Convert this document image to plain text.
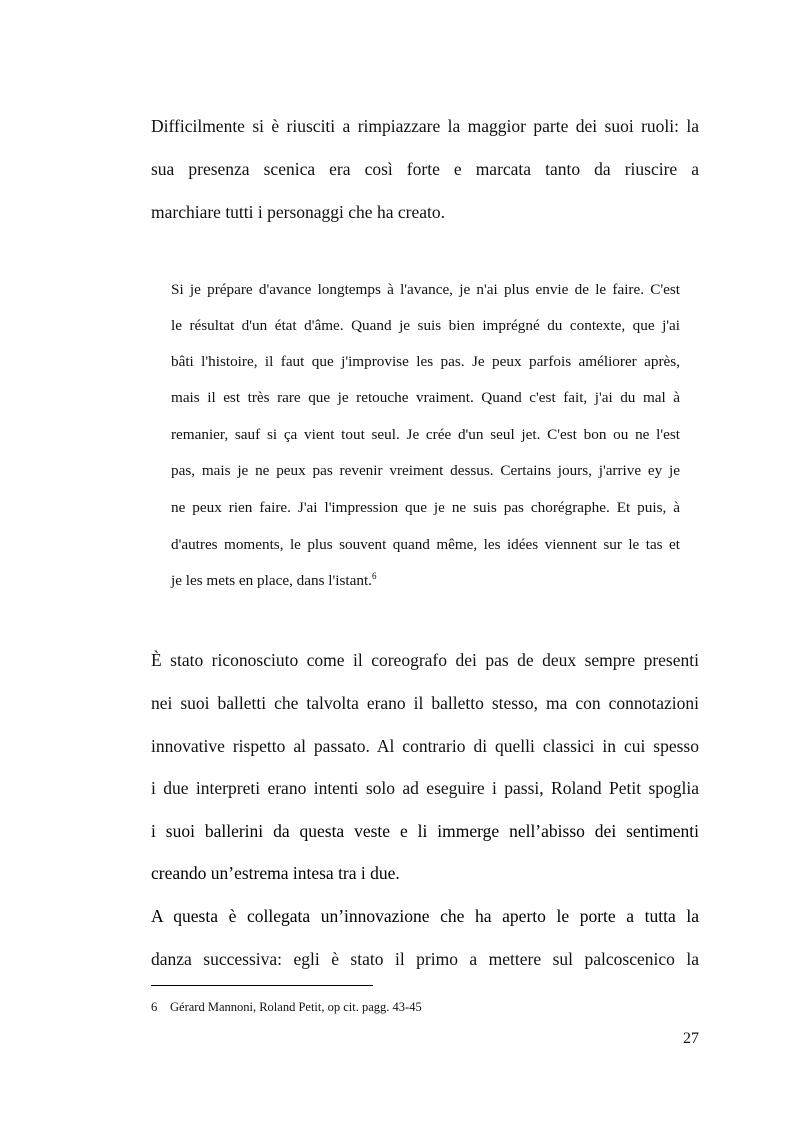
Difficilmente si è riusciti a rimpiazzare la maggior parte dei suoi ruoli: la
sua presenza scenica era così forte e marcata tanto da riuscire a
marchiare tutti i personaggi che ha creato.
Si je prépare d'avance longtemps à l'avance, je n'ai plus envie de le faire. C'est
le résultat d'un état d'âme. Quand je suis bien imprégné du contexte, que j'ai
bâti l'histoire, il faut que j'improvise les pas. Je peux parfois améliorer après,
mais il est très rare que je retouche vraiment. Quand c'est fait, j'ai du mal à
remanier, sauf si ça vient tout seul. Je crée d'un seul jet. C'est bon ou ne l'est
pas, mais je ne peux pas revenir vreiment dessus. Certains jours, j'arrive ey je
ne peux rien faire. J'ai l'impression que je ne suis pas chorégraphe. Et puis, à
d'autres moments, le plus souvent quand même, les idées viennent sur le tas et
je les mets en place, dans l'istant.$^6$
È stato riconosciuto come il coreografo dei pas de deux sempre presenti
nei suoi balletti che talvolta erano il balletto stesso, ma con connotazioni
innovative rispetto al passato. Al contrario di quelli classici in cui spesso
i due interpreti erano intenti solo ad eseguire i passi, Roland Petit spoglia
i suoi ballerini da questa veste e li immerge nell’abisso dei sentimenti
creando un’estrema intesa tra i due.
A questa è collegata un’innovazione che ha aperto le porte a tutta la
danza successiva: egli è stato il primo a mettere sul palcoscenico la
6 Gérard Mannoni, Roland Petit, op cit. pagg. 43-45
27
